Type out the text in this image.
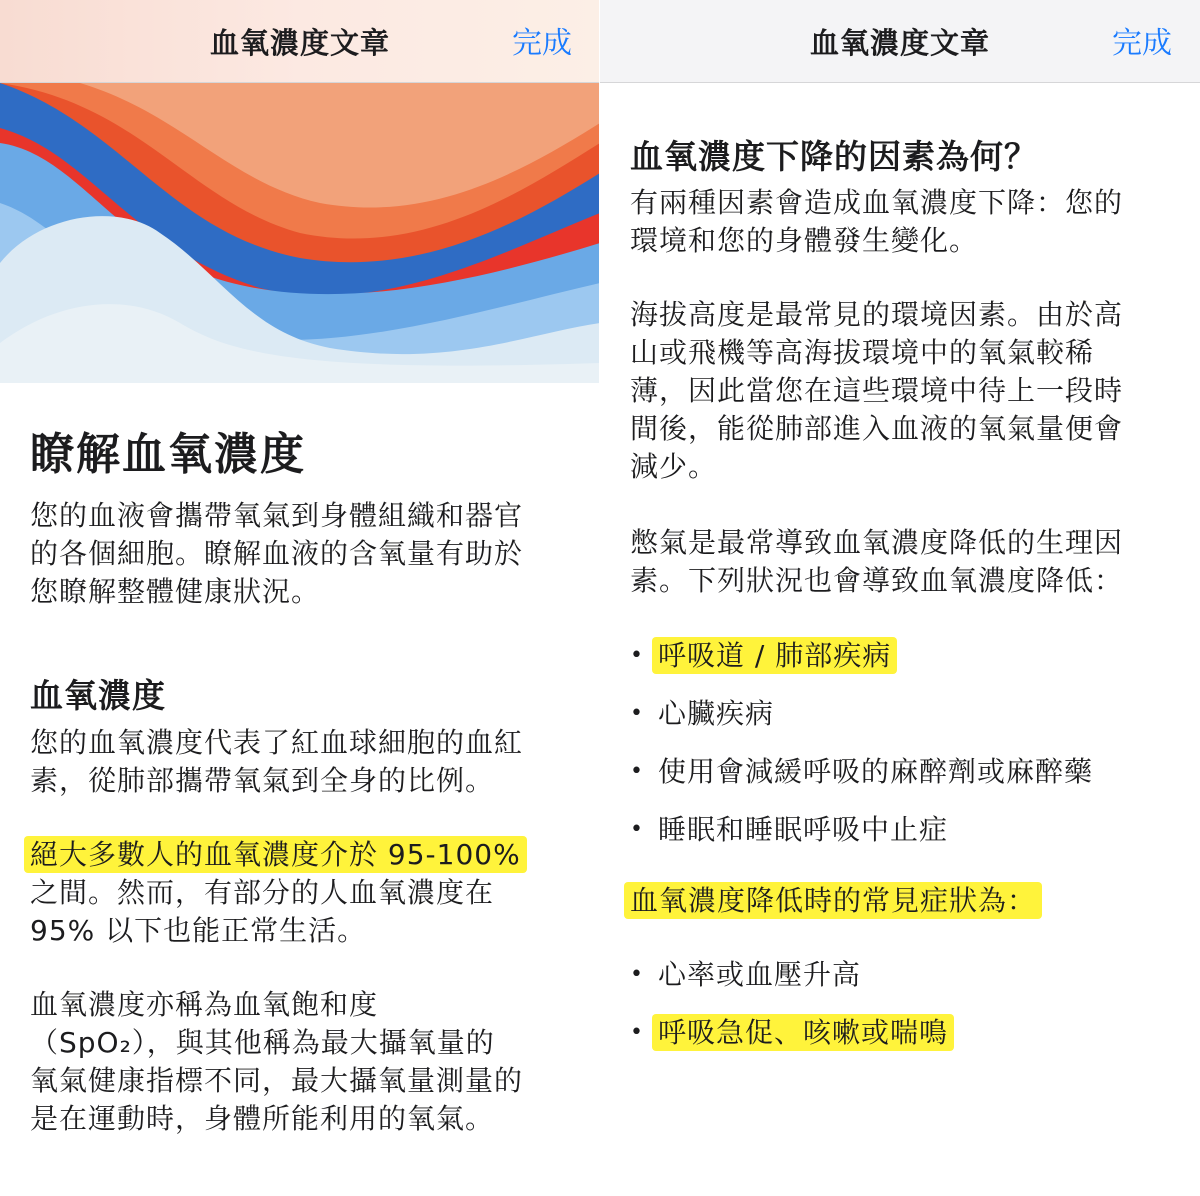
血氧濃度文章	完成
瞭解血氧濃度

您的血液會攜帶氧氣到身體組織和器官

的各個細胞。瞭解血液的含氧量有助於

您瞭解整體健康狀況。

血氧濃度

您的血氧濃度代表了紅血球細胞的血紅

素，從肺部攜帶氧氣到全身的比例。

絕大多數人的血氧濃度介於 95-100%

之間。然而，有部分的人血氧濃度在

95% 以下也能正常生活。

血氧濃度亦稱為血氧飽和度

（SpO₂），與其他稱為最大攝氧量的

氧氣健康指標不同，最大攝氧量測量的

是在運動時，身體所能利用的氧氣。

血氧濃度文章	完成
血氧濃度下降的因素為何？

有兩種因素會造成血氧濃度下降：您的

環境和您的身體發生變化。

海拔高度是最常見的環境因素。由於高

山或飛機等高海拔環境中的氧氣較稀

薄，因此當您在這些環境中待上一段時

間後，能從肺部進入血液的氧氣量便會

減少。

憋氣是最常導致血氧濃度降低的生理因

素。下列狀況也會導致血氧濃度降低：

• 呼吸道 / 肺部疾病
• 心臟疾病
• 使用會減緩呼吸的麻醉劑或麻醉藥
• 睡眠和睡眠呼吸中止症

血氧濃度降低時的常見症狀為：

• 心率或血壓升高
• 呼吸急促、咳嗽或喘鳴
